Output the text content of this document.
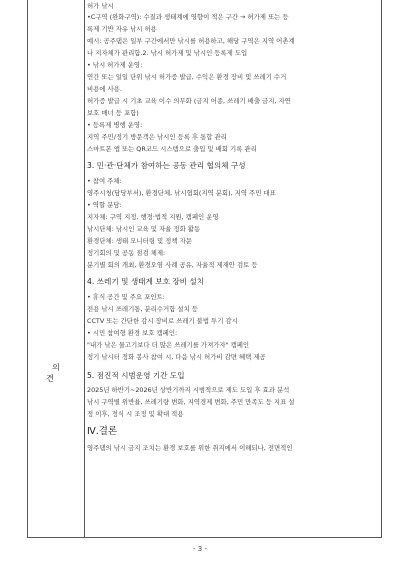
의 견
허가 낚시
•C구역 (완화구역): 수질과 생태계에 영향이 적은 구간 → 허가제 또는 등
록제 기반 자유 낚시 허용
예시: 공주댐은 일부 구간에서만 낚시를 허용하고, 해당 구역은 지역 어촌계
나 지자체가 관리함.2. 낚시 허가제 및 낚시인 등록제 도입
• 낚시 허가제 운영:
연간 또는 일일 단위 낚시 허가증 발급, 수익은 환경 장비 및 쓰레기 수거
비용에 사용.
허가증 발급 시 기초 교육 이수 의무화 (금지 어종, 쓰레기 배출 금지, 자연
보호 매너 등 포함)
• 등록제 병행 운영:
지역 주민/정기 방문객은 낚시인 등록 후 통합 관리
스마트폰 앱 또는 QR코드 시스템으로 출입 및 배회 기록 관리
3. 민·관·단체가 참여하는 공동 관리 협의체 구성
• 참여 주체:
영주시청(담당부서), 환경단체, 낚시협회(지역 분회), 지역 주민 대표
• 역할 분담:
지자체: 구역 지정, 행정·법적 지원, 캠페인 운영
낚시단체: 낚시인 교육 및 자율 정화 활동
환경단체: 생태 모니터링 및 정책 자문
정기회의 및 공동 점검 체제:
분기별 회의 개최, 환경오염 사례 공유, 자율적 제재안 검토 등
4. 쓰레기 및 생태계 보호 장비 설치
• 휴식 공간 및 주요 포인트:
전용 낚시 쓰레기통, 분리수거함 설치 등
CCTV 또는 간단한 감시 장비로 쓰레기 불법 투기 감시
• 시민 참여형 환경 보호 캠페인:
"내가 낚은 물고기보다 더 많은 쓰레기를 가져가자" 캠페인
정기 낚시터 정화 봉사 참여 시, 다음 낚시 허가비 감면 혜택 제공
5. 점진적 시범운영 기간 도입
2025년 하반기~2026년 상반기까지 시범적으로 제도 도입 후 효과 분석
낚시 구역별 위반율, 쓰레기량 변화, 지역경제 변화, 주민 만족도 등 지표 설
정 이후, 정식 시 조정 및 확대 적용
Ⅳ.결론
영주댐의 낚시 금지 조치는 환경 보호를 위한 취지에서 이해되나, 전면적인
- 3 -
